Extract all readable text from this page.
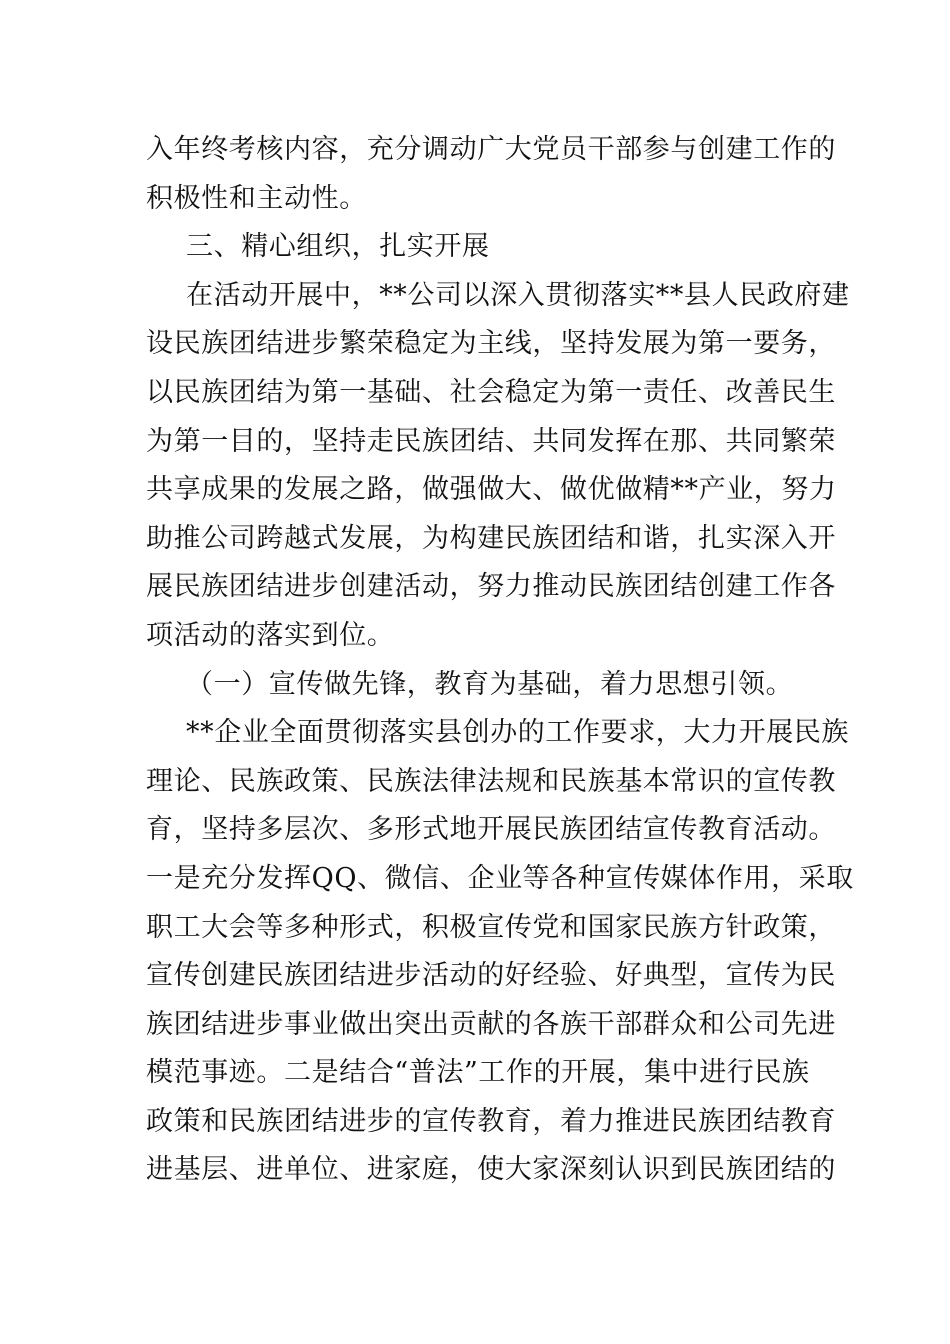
入年终考核内容，充分调动广大党员干部参与创建工作的
积极性和主动性。

三、精心组织，扎实开展

在活动开展中，**公司以深入贯彻落实**县人民政府建
设民族团结进步繁荣稳定为主线，坚持发展为第一要务，
以民族团结为第一基础、社会稳定为第一责任、改善民生
为第一目的，坚持走民族团结、共同发挥在那、共同繁荣
共享成果的发展之路，做强做大、做优做精**产业，努力
助推公司跨越式发展，为构建民族团结和谐，扎实深入开
展民族团结进步创建活动，努力推动民族团结创建工作各
项活动的落实到位。

（一）宣传做先锋，教育为基础，着力思想引领。

**企业全面贯彻落实县创办的工作要求，大力开展民族
理论、民族政策、民族法律法规和民族基本常识的宣传教
育，坚持多层次、多形式地开展民族团结宣传教育活动。
一是充分发挥QQ、微信、企业等各种宣传媒体作用，采取
职工大会等多种形式，积极宣传党和国家民族方针政策，
宣传创建民族团结进步活动的好经验、好典型，宣传为民
族团结进步事业做出突出贡献的各族干部群众和公司先进
模范事迹。二是结合“普法”工作的开展，集中进行民族
政策和民族团结进步的宣传教育，着力推进民族团结教育
进基层、进单位、进家庭，使大家深刻认识到民族团结的
